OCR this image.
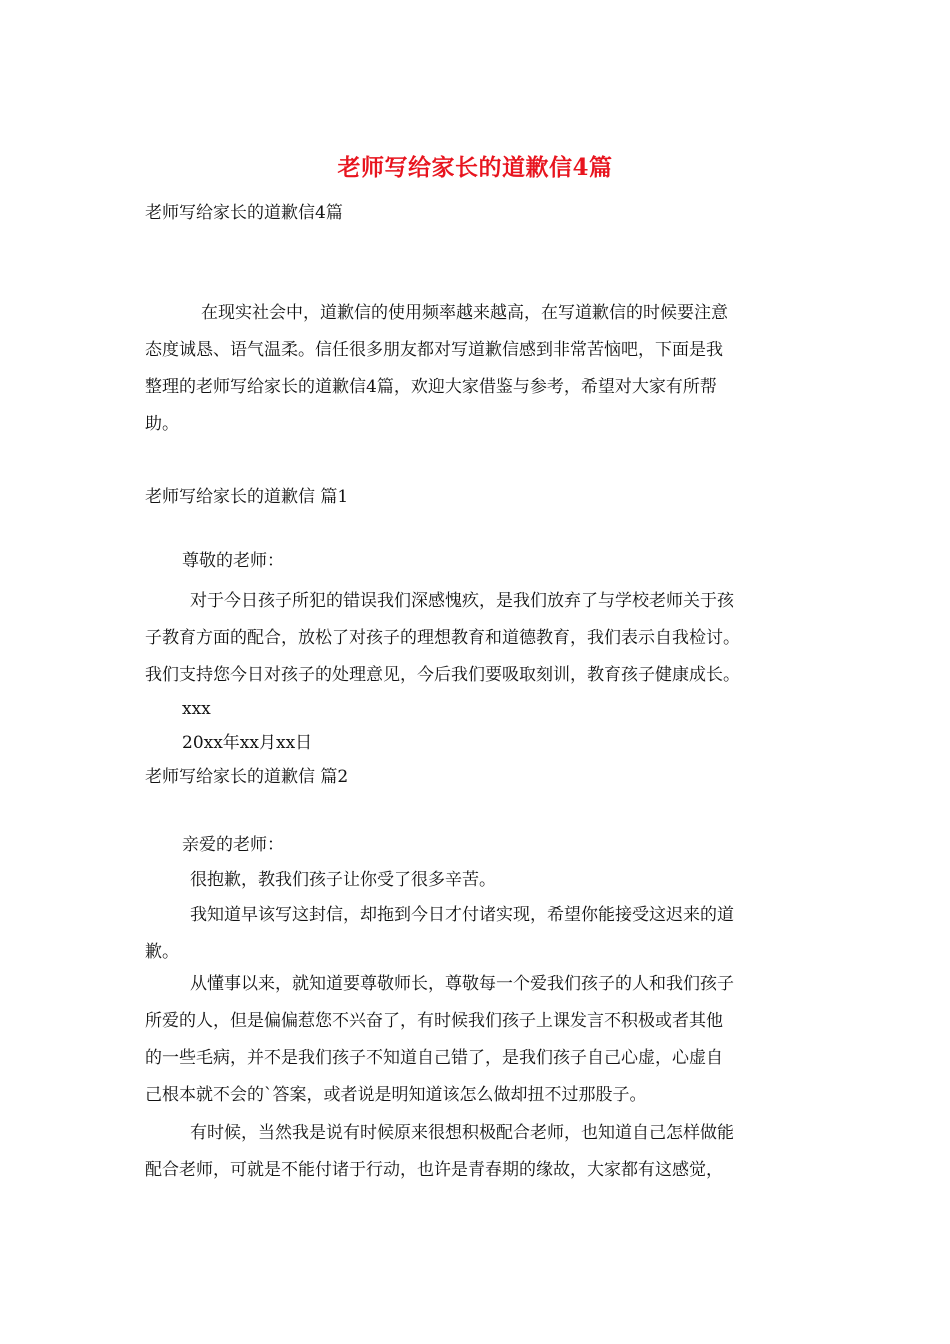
老师写给家长的道歉信4篇
老师写给家长的道歉信4篇
在现实社会中，道歉信的使用频率越来越高，在写道歉信的时候要注意
态度诚恳、语气温柔。信任很多朋友都对写道歉信感到非常苦恼吧，下面是我
整理的老师写给家长的道歉信4篇，欢迎大家借鉴与参考，希望对大家有所帮
助。
老师写给家长的道歉信 篇1
尊敬的老师：
对于今日孩子所犯的错误我们深感愧疚，是我们放弃了与学校老师关于孩
子教育方面的配合，放松了对孩子的理想教育和道德教育，我们表示自我检讨。
我们支持您今日对孩子的处理意见，今后我们要吸取刻训，教育孩子健康成长。
xxx
20xx年xx月xx日
老师写给家长的道歉信 篇2
亲爱的老师：
很抱歉，教我们孩子让你受了很多辛苦。
我知道早该写这封信，却拖到今日才付诸实现，希望你能接受这迟来的道
歉。
从懂事以来，就知道要尊敬师长，尊敬每一个爱我们孩子的人和我们孩子
所爱的人，但是偏偏惹您不兴奋了，有时候我们孩子上课发言不积极或者其他
的一些毛病，并不是我们孩子不知道自己错了，是我们孩子自己心虚，心虚自
己根本就不会的`答案，或者说是明知道该怎么做却扭不过那股子。
有时候，当然我是说有时候原来很想积极配合老师，也知道自己怎样做能
配合老师，可就是不能付诸于行动，也许是青春期的缘故，大家都有这感觉，
